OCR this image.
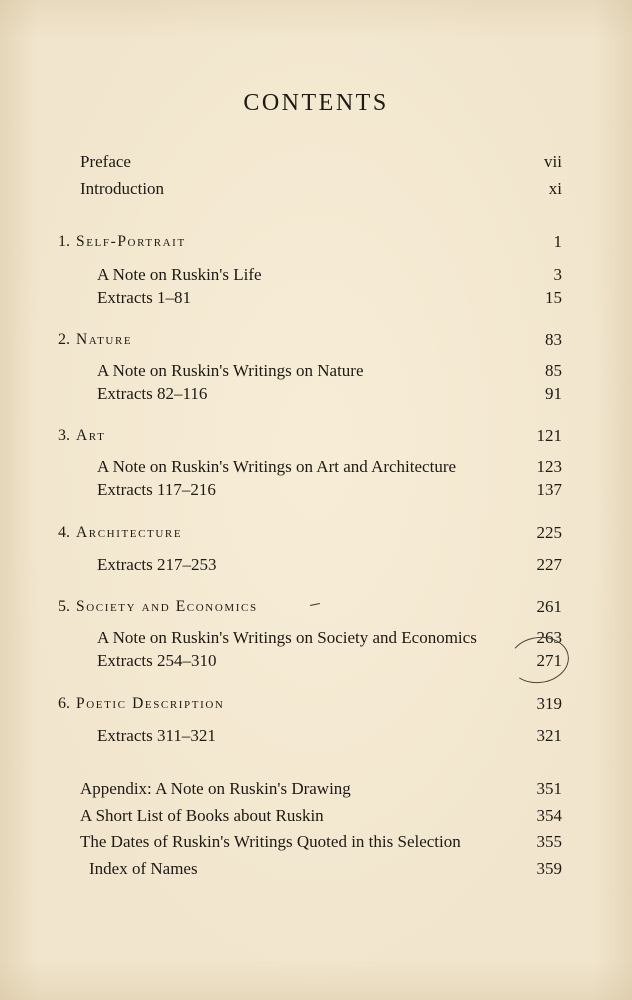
CONTENTS
Preface	vii
Introduction	xi
1. Self-Portrait	1
A Note on Ruskin's Life	3
Extracts 1–81	15
2. Nature	83
A Note on Ruskin's Writings on Nature	85
Extracts 82–116	91
3. Art	121
A Note on Ruskin's Writings on Art and Architecture	123
Extracts 117–216	137
4. Architecture	225
Extracts 217–253	227
5. Society and Economics	261
A Note on Ruskin's Writings on Society and Economics	263
Extracts 254–310	271
6. Poetic Description	319
Extracts 311–321	321
Appendix: A Note on Ruskin's Drawing	351
A Short List of Books about Ruskin	354
The Dates of Ruskin's Writings Quoted in this Selection	355
Index of Names	359
